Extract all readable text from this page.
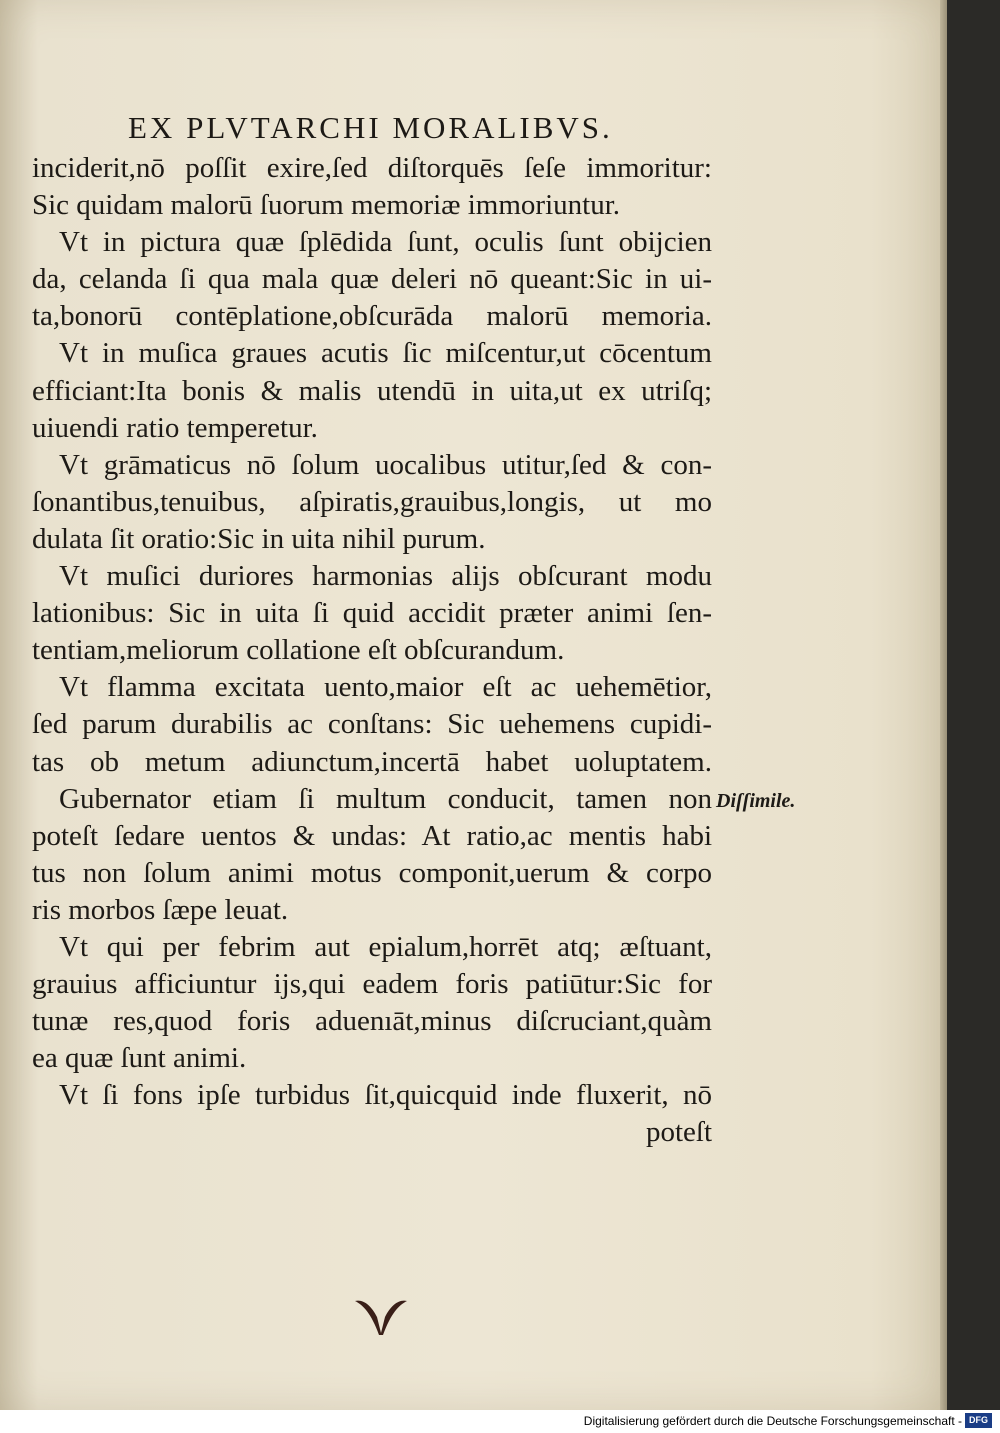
EX PLVTARCHI MORALIBVS.
inciderit,nō poſſit exire,ſed diſtorquēs ſeſe immoritur:
Sic quidam malorū ſuorum memoriæ immoriuntur.
Vt in pictura quæ ſplēdida ſunt, oculis ſunt obijcien
da, celanda ſi qua mala quæ deleri nō queant:Sic in ui-
ta,bonorū contēplatione,obſcurāda malorū memoria.
Vt in muſica graues acutis ſic miſcentur,ut cōcentum
efficiant:Ita bonis & malis utendū in uita,ut ex utriſq;
uiuendi ratio temperetur.
Vt grāmaticus nō ſolum uocalibus utitur,ſed & con-
ſonantibus,tenuibus, aſpiratis,grauibus,longis, ut mo
dulata ſit oratio:Sic in uita nihil purum.
Vt muſici duriores harmonias alijs obſcurant modu
lationibus: Sic in uita ſi quid accidit præter animi ſen-
tentiam,meliorum collatione eſt obſcurandum.
Vt flamma excitata uento,maior eſt ac uehemētior,
ſed parum durabilis ac conſtans: Sic uehemens cupidi-
tas ob metum adiunctum,incertā habet uoluptatem.
Gubernator etiam ſi multum conducit, tamen non
poteſt ſedare uentos & undas: At ratio,ac mentis habi
tus non ſolum animi motus componit,uerum & corpo
ris morbos ſæpe leuat.
Vt qui per febrim aut epialum,horrēt atq; æſtuant,
grauius afficiuntur ijs,qui eadem foris patiūtur:Sic for
tunæ res,quod foris aduenıāt,minus diſcruciant,quàm
ea quæ ſunt animi.
Vt ſi fons ipſe turbidus ſit,quicquid inde fluxerit, nō
poteſt
Diſſimile.
Digitalisierung gefördert durch die Deutsche Forschungsgemeinschaft - DFG
